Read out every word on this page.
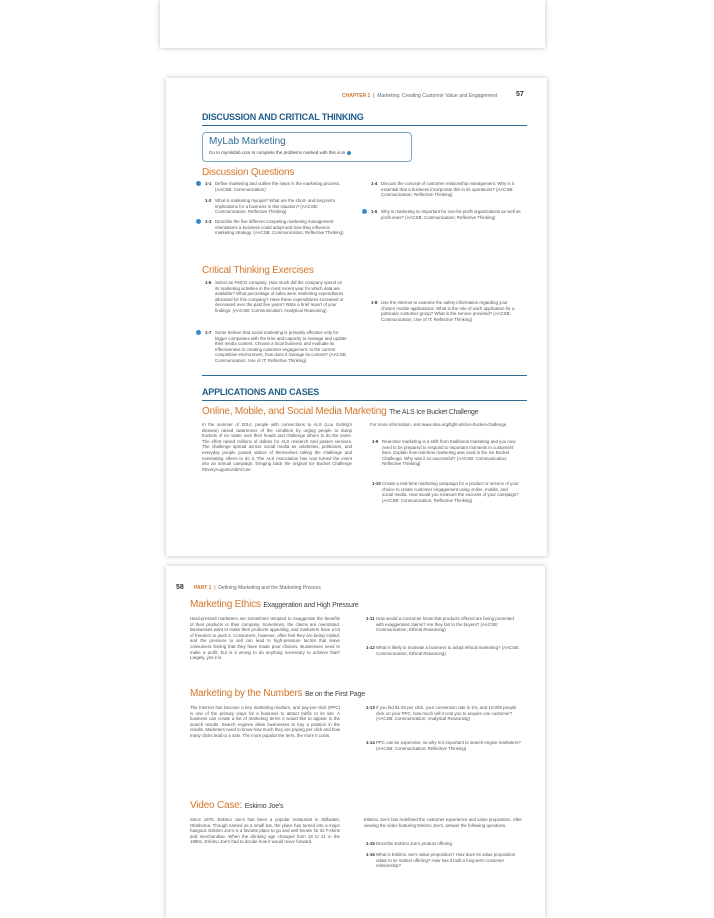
CHAPTER 1  |  Marketing: Creating Customer Value and Engagement	57
DISCUSSION AND CRITICAL THINKING
MyLab Marketing
Go to mymktlab.com to complete the problems marked with this icon
Discussion Questions
1-1 Define marketing and outline the steps in the marketing process. (AACSB: Communication)
1-2 What is marketing myopia? What are the short- and long-term implications for a business in this situation? (AACSB: Communication; Reflective Thinking)
1-3 Describe the five different competing marketing management orientations a business could adopt and how they influence marketing strategy. (AACSB: Communication; Reflective Thinking)
1-4 Discuss the concept of customer relationship management. Why is it essential that a business incorporate this in its operations? (AACSB: Communication; Reflective Thinking)
1-5 Why is marketing so important for non-for-profit organizations as well as profit ones? (AACSB: Communication; Reflective Thinking)
Critical Thinking Exercises
1-6 Select an FMCG company. How much did the company spend on its marketing activities in the most recent year for which data are available? What percentage of sales were marketing expenditures allocated for this company? Have these expenditures increased or decreased over the past five years? Write a brief report of your findings. (AACSB: Communication; Analytical Reasoning)
1-7 Some believe that social marketing is primarily effective only for bigger companies with the time and capacity to manage and update their media content. Choose a local business and evaluate its effectiveness in creating customer engagement. In the current competitive environment, how does it manage its content? (AACSB: Communication; Use of IT; Reflective Thinking)
1-8 Use the Internet to examine the safety information regarding your chosen mobile applications. What is the role of each application for a particular customer group? What is the service provided? (AACSB: Communication; Use of IT; Reflective Thinking)
APPLICATIONS AND CASES
Online, Mobile, and Social Media Marketing The ALS Ice Bucket Challenge
In the summer of 2014, people with connections to ALS (Lou Gehrig's disease) raised awareness of the condition by urging people to dump buckets of ice water over their heads and challenge others to do the same. The effort raised millions of dollars for ALS research and patient services. The challenge spread across social media as celebrities, politicians, and everyday people posted videos of themselves taking the challenge and nominating others to do it. The ALS Association has now turned the event into an annual campaign, bringing back the original Ice Bucket Challenge #EveryAugustUntilACure.
For more information, visit www.alsa.org/fight-als/ice-bucket-challenge.
1-9 Real-time marketing is a shift from traditional marketing and you now need to be prepared to respond to important moments in customers' lives. Explain how real-time marketing was used in the Ice Bucket Challenge. Why was it so successful? (AACSB: Communication; Reflective Thinking)
1-10 Create a real-time marketing campaign for a product or service of your choice to create customer engagement using online, mobile, and social media. How would you measure the success of your campaign? (AACSB: Communication; Reflective Thinking)
58 PART 1  |  Defining Marketing and the Marketing Process
Marketing Ethics Exaggeration and High Pressure
Hard-pressed marketers are sometimes tempted to exaggerate the benefits of their products or their company. Sometimes, the claims are overstated. Businesses want to make their products appealing, and marketers have a lot of freedom to push it. Consumers, however, often feel they are being misled, and the pressure to sell can lead to high-pressure tactics that leave consumers feeling that they have made poor choices. Businesses need to make a profit, but is it wrong to do anything necessary to achieve that? Largely, yes it is.
1-11 How would a consumer know that products offered are being promoted with exaggerated claims? Are they fair to the buyers? (AACSB: Communication; Ethical Reasoning)
1-12 What is likely to motivate a business to adopt ethical marketing? (AACSB: Communication; Ethical Reasoning)
Marketing by the Numbers Be on the First Page
The Internet has become a key marketing medium, and pay-per-click (PPC) is one of the primary ways for a business to attract traffic to its site. A business can create a list of marketing terms it would like to appear in the search results. Search engines allow businesses to buy a position in the results. Marketers need to know how much they are paying per click and how many clicks lead to a sale. The more popular the term, the more it costs.
1-13 If you bid $1.50 per click, your conversion rate is 1%, and 10,000 people click on your PPC, how much will it cost you to acquire one customer? (AACSB: Communication; Analytical Reasoning)
1-14 PPC can be expensive, so why is it important to search engine marketers? (AACSB: Communication; Reflective Thinking)
Video Case: Eskimo Joe's
Since 1975, Eskimo Joe's has been a popular restaurant in Stillwater, Oklahoma. Though named as a small bar, the place has turned into a major hangout. Eskimo Joe's is a favorite place to go and well known for its T-shirts and merchandise. When the drinking age changed from 18 to 21 in the 1980s, Eskimo Joe's had to decide how it would move forward.
Eskimo Joe's has redefined the customer experience and value proposition. After viewing the video featuring Eskimo Joe's, answer the following questions.
1-15 Describe Eskimo Joe's product offering.
1-16 What is Eskimo Joe's value proposition? How does its value proposition relate to its market offering? How has it built a long-term customer relationship?
